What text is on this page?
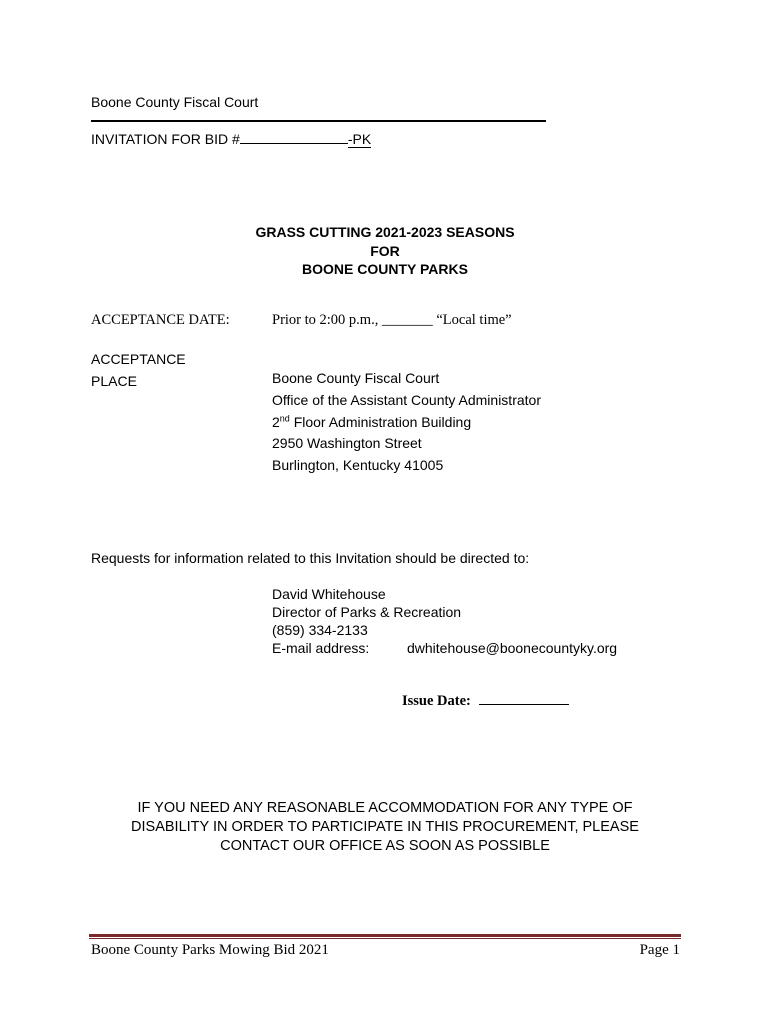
Boone County Fiscal Court
INVITATION FOR BID #	-PK
GRASS CUTTING 2021-2023 SEASONS
FOR
BOONE COUNTY PARKS
ACCEPTANCE DATE:	Prior to 2:00 p.m., _______ “Local time”
ACCEPTANCE
PLACE	Boone County Fiscal Court
Office of the Assistant County Administrator
2nd Floor Administration Building
2950 Washington Street
Burlington, Kentucky 41005
Requests for information related to this Invitation should be directed to:
David Whitehouse
Director of Parks & Recreation
(859) 334-2133
E-mail address:	dwhitehouse@boonecountyky.org
Issue Date:
IF YOU NEED ANY REASONABLE ACCOMMODATION FOR ANY TYPE OF
DISABILITY IN ORDER TO PARTICIPATE IN THIS PROCUREMENT, PLEASE
CONTACT OUR OFFICE AS SOON AS POSSIBLE
Boone County Parks Mowing Bid 2021	Page 1
